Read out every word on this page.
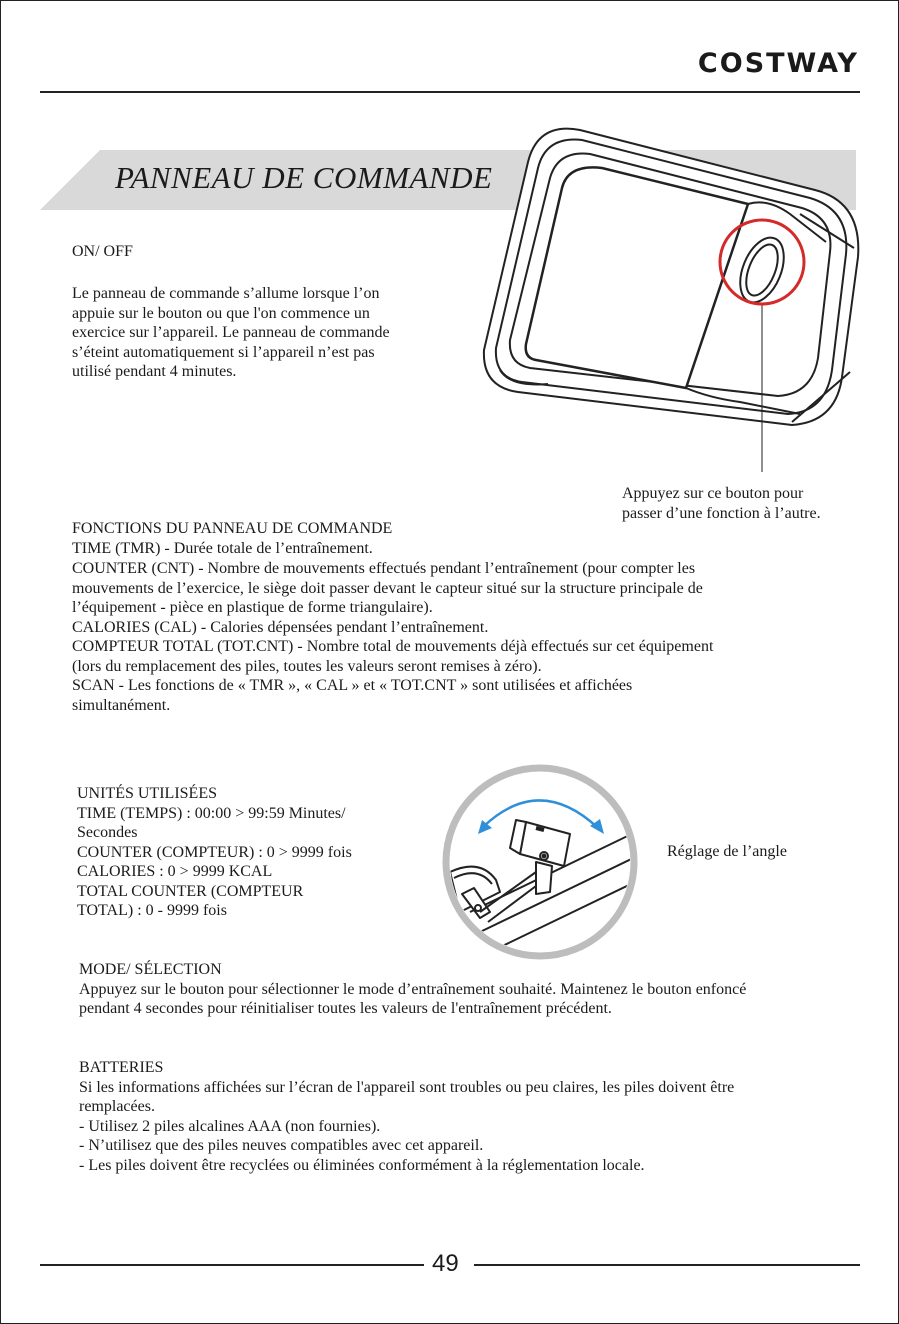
COSTWAY
PANNEAU DE COMMANDE
ON/ OFF
Le panneau de commande s’allume lorsque l’on
appuie sur le bouton ou que l'on commence un
exercice sur l’appareil. Le panneau de commande
s’éteint automatiquement si l’appareil n’est pas
utilisé pendant 4 minutes.
Appuyez sur ce bouton pour
passer d’une fonction à l’autre.
FONCTIONS DU PANNEAU DE COMMANDE
TIME (TMR) - Durée totale de l’entraînement.
COUNTER (CNT) - Nombre de mouvements effectués pendant l’entraînement (pour compter les
mouvements de l’exercice, le siège doit passer devant le capteur situé sur la structure principale de
l’équipement - pièce en plastique de forme triangulaire).
CALORIES (CAL) - Calories dépensées pendant l’entraînement.
COMPTEUR TOTAL (TOT.CNT) - Nombre total de mouvements déjà effectués sur cet équipement
(lors du remplacement des piles, toutes les valeurs seront remises à zéro).
SCAN - Les fonctions de « TMR », « CAL » et « TOT.CNT » sont utilisées et affichées
simultanément.
UNITÉS UTILISÉES
TIME (TEMPS) : 00:00 > 99:59 Minutes/
Secondes
COUNTER (COMPTEUR) : 0 > 9999 fois
CALORIES : 0 > 9999 KCAL
TOTAL COUNTER (COMPTEUR
TOTAL) : 0 - 9999 fois
Réglage de l’angle
MODE/ SÉLECTION
Appuyez sur le bouton pour sélectionner le mode d’entraînement souhaité. Maintenez le bouton enfoncé
pendant 4 secondes pour réinitialiser toutes les valeurs de l'entraînement précédent.
BATTERIES
Si les informations affichées sur l’écran de l'appareil sont troubles ou peu claires, les piles doivent être
remplacées.
- Utilisez 2 piles alcalines AAA (non fournies).
- N’utilisez que des piles neuves compatibles avec cet appareil.
- Les piles doivent être recyclées ou éliminées conformément à la réglementation locale.
49
